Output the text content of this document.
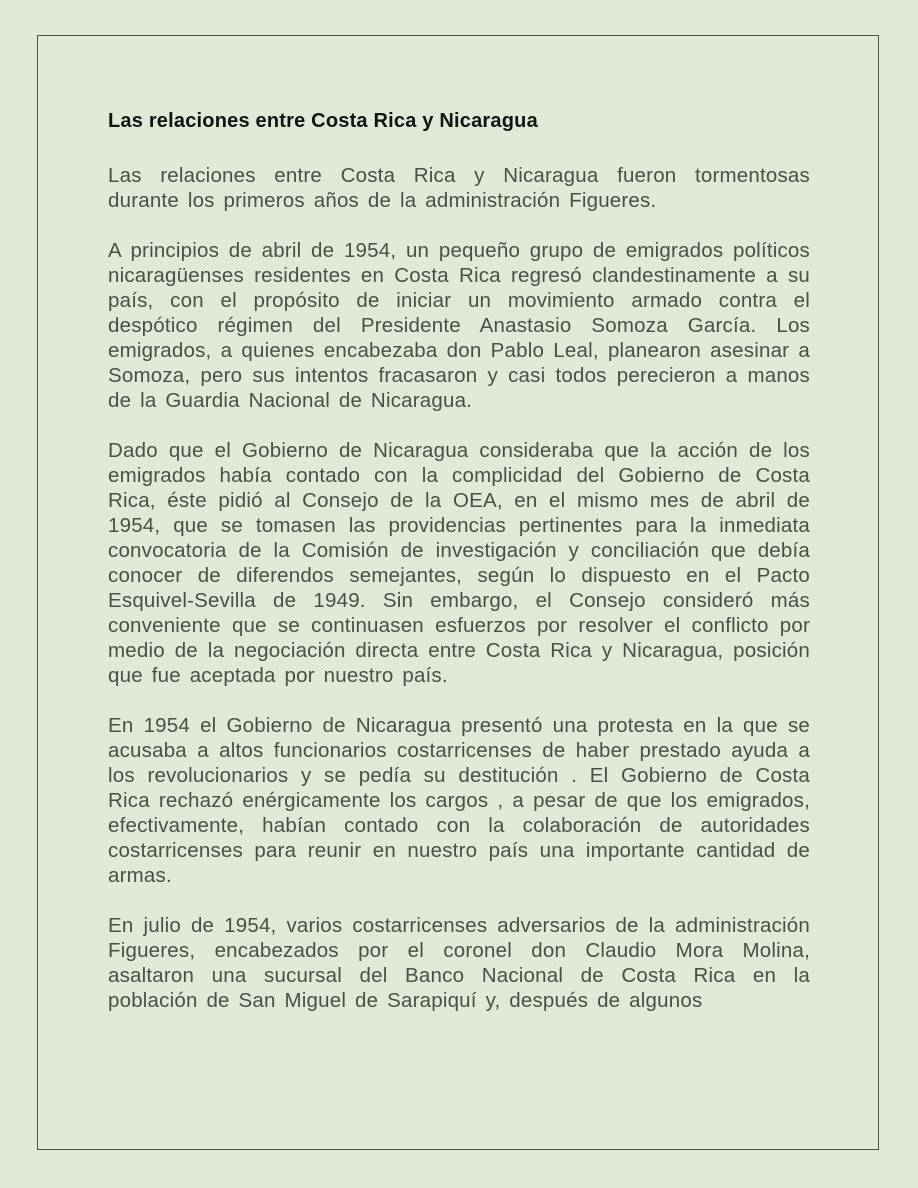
Las relaciones entre Costa Rica y Nicaragua

Las relaciones entre Costa Rica y Nicaragua fueron tormentosas durante los primeros años de la administración Figueres.

A principios de abril de 1954, un pequeño grupo de emigrados políticos nicaragüenses residentes en Costa Rica regresó clandestinamente a su país, con el propósito de iniciar un movimiento armado contra el despótico régimen del Presidente Anastasio Somoza García. Los emigrados, a quienes encabezaba don Pablo Leal, planearon asesinar a Somoza, pero sus intentos fracasaron y casi todos perecieron a manos de la Guardia Nacional de Nicaragua.

Dado que el Gobierno de Nicaragua consideraba que la acción de los emigrados había contado con la complicidad del Gobierno de Costa Rica, éste pidió al Consejo de la OEA, en el mismo mes de abril de 1954, que se tomasen las providencias pertinentes para la inmediata convocatoria de la Comisión de investigación y conciliación que debía conocer de diferendos semejantes, según lo dispuesto en el Pacto Esquivel-Sevilla de 1949. Sin embargo, el Consejo consideró más conveniente que se continuasen esfuerzos por resolver el conflicto por medio de la negociación directa entre Costa Rica y Nicaragua, posición que fue aceptada por nuestro país.

En 1954 el Gobierno de Nicaragua presentó una protesta en la que se acusaba a altos funcionarios costarricenses de haber prestado ayuda a los revolucionarios y se pedía su destitución . El Gobierno de Costa Rica rechazó enérgicamente los cargos , a pesar de que los emigrados, efectivamente, habían contado con la colaboración de autoridades costarricenses para reunir en nuestro país una importante cantidad de armas.

En julio de 1954, varios costarricenses adversarios de la administración Figueres, encabezados por el coronel don Claudio Mora Molina, asaltaron una sucursal del Banco Nacional de Costa Rica en la población de San Miguel de Sarapiquí y, después de algunos
